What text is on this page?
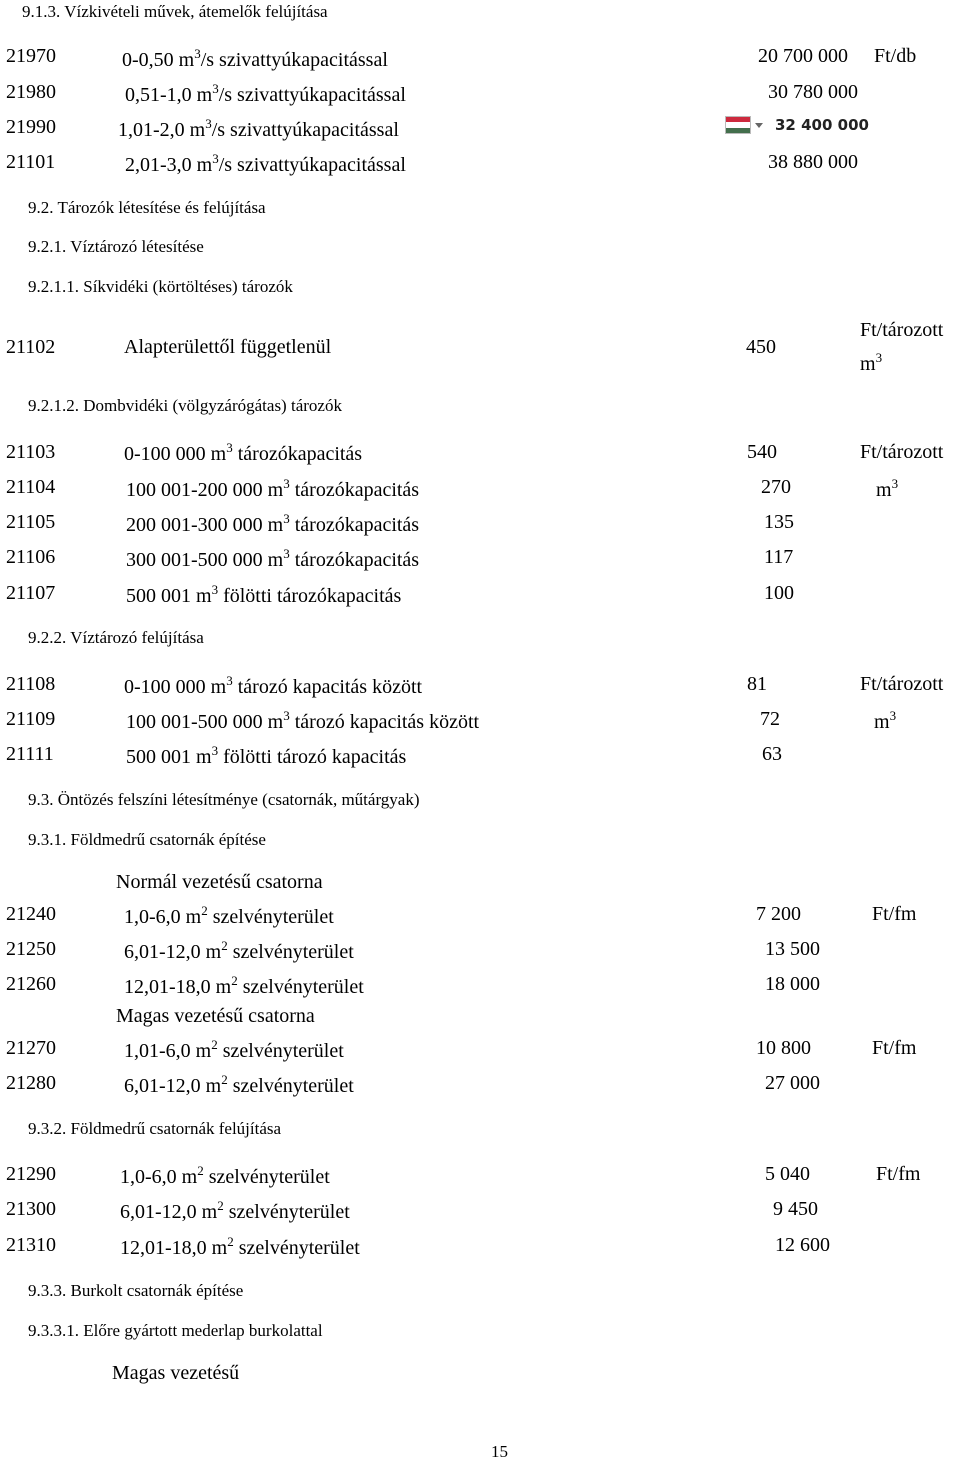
9.1.3. Vízkivételi művek, átemelők felújítása
21970	0-0,50 $m^3/s$ szivattyúkapacitással	20 700 000 Ft/db
21980	0,51-1,0 $m^3/s$ szivattyúkapacitással	30 780 000
21990	1,01-2,0 $m^3/s$ szivattyúkapacitással	32 400 000
21101	2,01-3,0 $m^3/s$ szivattyúkapacitással	38 880 000
9.2. Tározók létesítése és felújítása
9.2.1. Víztározó létesítése
9.2.1.1. Síkvidéki (körtöltéses) tározók
21102	Alapterülettől függetlenül	450
Ft/tározott
$m^3$
9.2.1.2. Dombvidéki (völgyzárógátas) tározók
21103	0-100 000 $m^3$ tározókapacitás	540	Ft/tározott
21104	100 001-200 000 $m^3$ tározókapacitás	270	$m^3$
21105	200 001-300 000 $m^3$ tározókapacitás	135
21106	300 001-500 000 $m^3$ tározókapacitás	117
21107	500 001 $m^3$ fölötti tározókapacitás	100
9.2.2. Víztározó felújítása
21108	0-100 000 $m^3$ tározó kapacitás között	81	Ft/tározott
21109	100 001-500 000 $m^3$ tározó kapacitás között	72	$m^3$
21111	500 001 $m^3$ fölötti tározó kapacitás	63
9.3. Öntözés felszíni létesítménye (csatornák, műtárgyak)
9.3.1. Földmedrű csatornák építése
Normál vezetésű csatorna
21240	1,0-6,0 $m^2$ szelvényterület	7 200	Ft/fm
21250	6,01-12,0 $m^2$ szelvényterület	13 500
21260	12,01-18,0 $m^2$ szelvényterület	18 000
Magas vezetésű csatorna
21270	1,01-6,0 $m^2$ szelvényterület	10 800	Ft/fm
21280	6,01-12,0 $m^2$ szelvényterület	27 000
9.3.2. Földmedrű csatornák felújítása
21290	1,0-6,0 $m^2$ szelvényterület	5 040	Ft/fm
21300	6,01-12,0 $m^2$ szelvényterület	9 450
21310	12,01-18,0 $m^2$ szelvényterület	12 600
9.3.3. Burkolt csatornák építése
9.3.3.1. Előre gyártott mederlap burkolattal
Magas vezetésű
15
